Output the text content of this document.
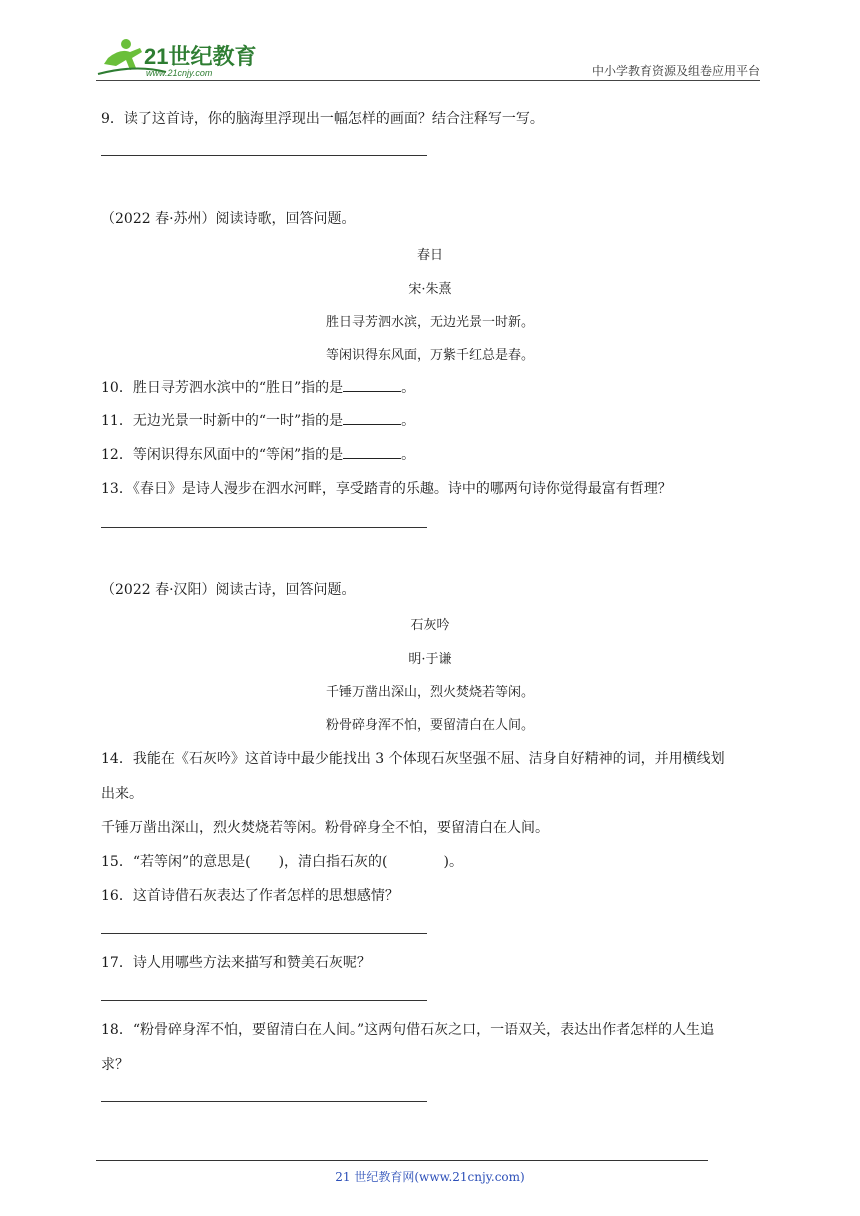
21世纪教育
www.21cnjy.com	中小学教育资源及组卷应用平台
9．读了这首诗，你的脑海里浮现出一幅怎样的画面？结合注释写一写。
（2022 春·苏州）阅读诗歌，回答问题。
春日
宋·朱熹
胜日寻芳泗水滨，无边光景一时新。
等闲识得东风面，万紫千红总是春。
10．胜日寻芳泗水滨中的“胜日”指的是	。
11．无边光景一时新中的“一时”指的是	。
12．等闲识得东风面中的“等闲”指的是	。
13．《春日》是诗人漫步在泗水河畔，享受踏青的乐趣。诗中的哪两句诗你觉得最富有哲理？
（2022 春·汉阳）阅读古诗，回答问题。
石灰吟
明·于谦
千锤万凿出深山，烈火焚烧若等闲。
粉骨碎身浑不怕，要留清白在人间。
14．我能在《石灰吟》这首诗中最少能找出 3 个体现石灰坚强不屈、洁身自好精神的词，并用横线划
出来。
千锤万凿出深山，烈火焚烧若等闲。粉骨碎身全不怕，要留清白在人间。
15．“若等闲”的意思是(　　)，清白指石灰的(　　　　)。
16．这首诗借石灰表达了作者怎样的思想感情？
17．诗人用哪些方法来描写和赞美石灰呢？
18．“粉骨碎身浑不怕，要留清白在人间。”这两句借石灰之口，一语双关，表达出作者怎样的人生追
求？
21 世纪教育网(www.21cnjy.com)
